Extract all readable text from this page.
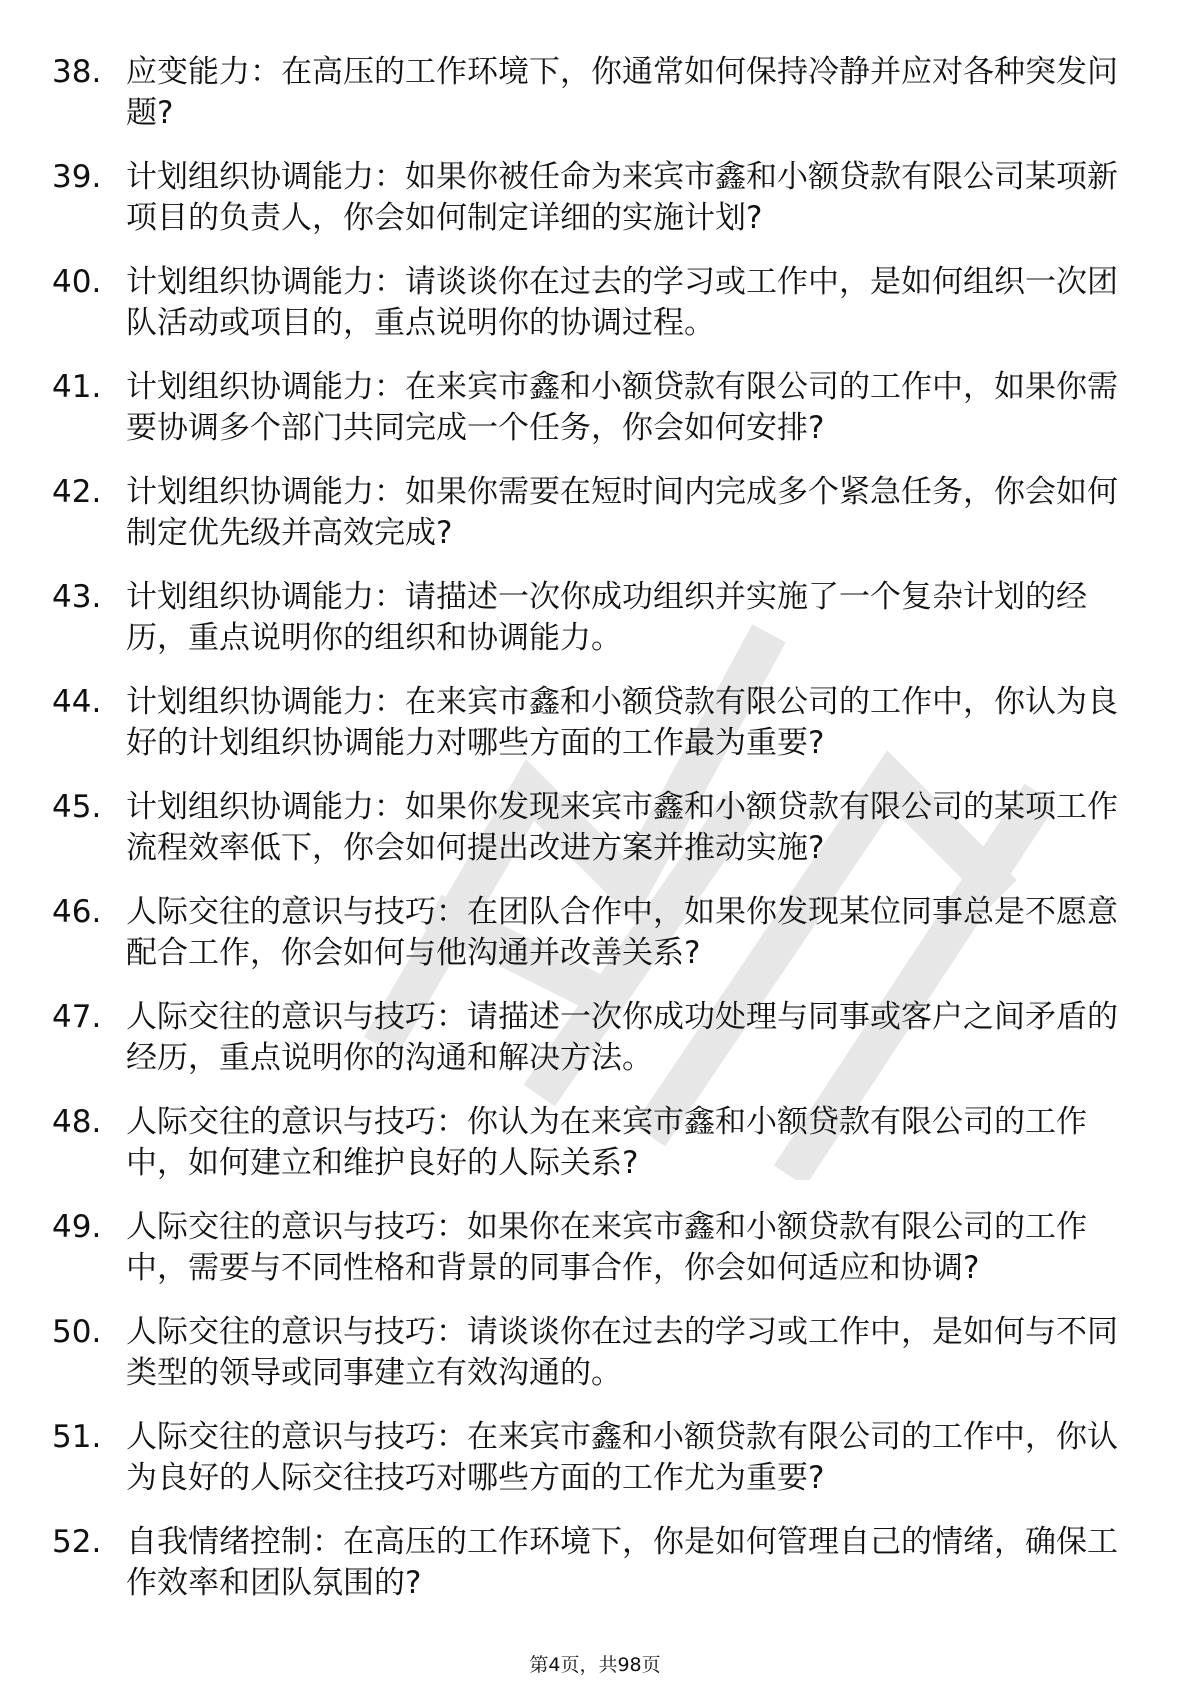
38. 应变能力：在高压的工作环境下，你通常如何保持冷静并应对各种突发问题?
39. 计划组织协调能力：如果你被任命为来宾市鑫和小额贷款有限公司某项新项目的负责人，你会如何制定详细的实施计划?
40. 计划组织协调能力：请谈谈你在过去的学习或工作中，是如何组织一次团队活动或项目的，重点说明你的协调过程。
41. 计划组织协调能力：在来宾市鑫和小额贷款有限公司的工作中，如果你需要协调多个部门共同完成一个任务，你会如何安排?
42. 计划组织协调能力：如果你需要在短时间内完成多个紧急任务，你会如何制定优先级并高效完成?
43. 计划组织协调能力：请描述一次你成功组织并实施了一个复杂计划的经历，重点说明你的组织和协调能力。
44. 计划组织协调能力：在来宾市鑫和小额贷款有限公司的工作中，你认为良好的计划组织协调能力对哪些方面的工作最为重要?
45. 计划组织协调能力：如果你发现来宾市鑫和小额贷款有限公司的某项工作流程效率低下，你会如何提出改进方案并推动实施?
46. 人际交往的意识与技巧：在团队合作中，如果你发现某位同事总是不愿意配合工作，你会如何与他沟通并改善关系?
47. 人际交往的意识与技巧：请描述一次你成功处理与同事或客户之间矛盾的经历，重点说明你的沟通和解决方法。
48. 人际交往的意识与技巧：你认为在来宾市鑫和小额贷款有限公司的工作中，如何建立和维护良好的人际关系?
49. 人际交往的意识与技巧：如果你在来宾市鑫和小额贷款有限公司的工作中，需要与不同性格和背景的同事合作，你会如何适应和协调?
50. 人际交往的意识与技巧：请谈谈你在过去的学习或工作中，是如何与不同类型的领导或同事建立有效沟通的。
51. 人际交往的意识与技巧：在来宾市鑫和小额贷款有限公司的工作中，你认为良好的人际交往技巧对哪些方面的工作尤为重要?
52. 自我情绪控制：在高压的工作环境下，你是如何管理自己的情绪，确保工作效率和团队氛围的?
第4页，共98页
